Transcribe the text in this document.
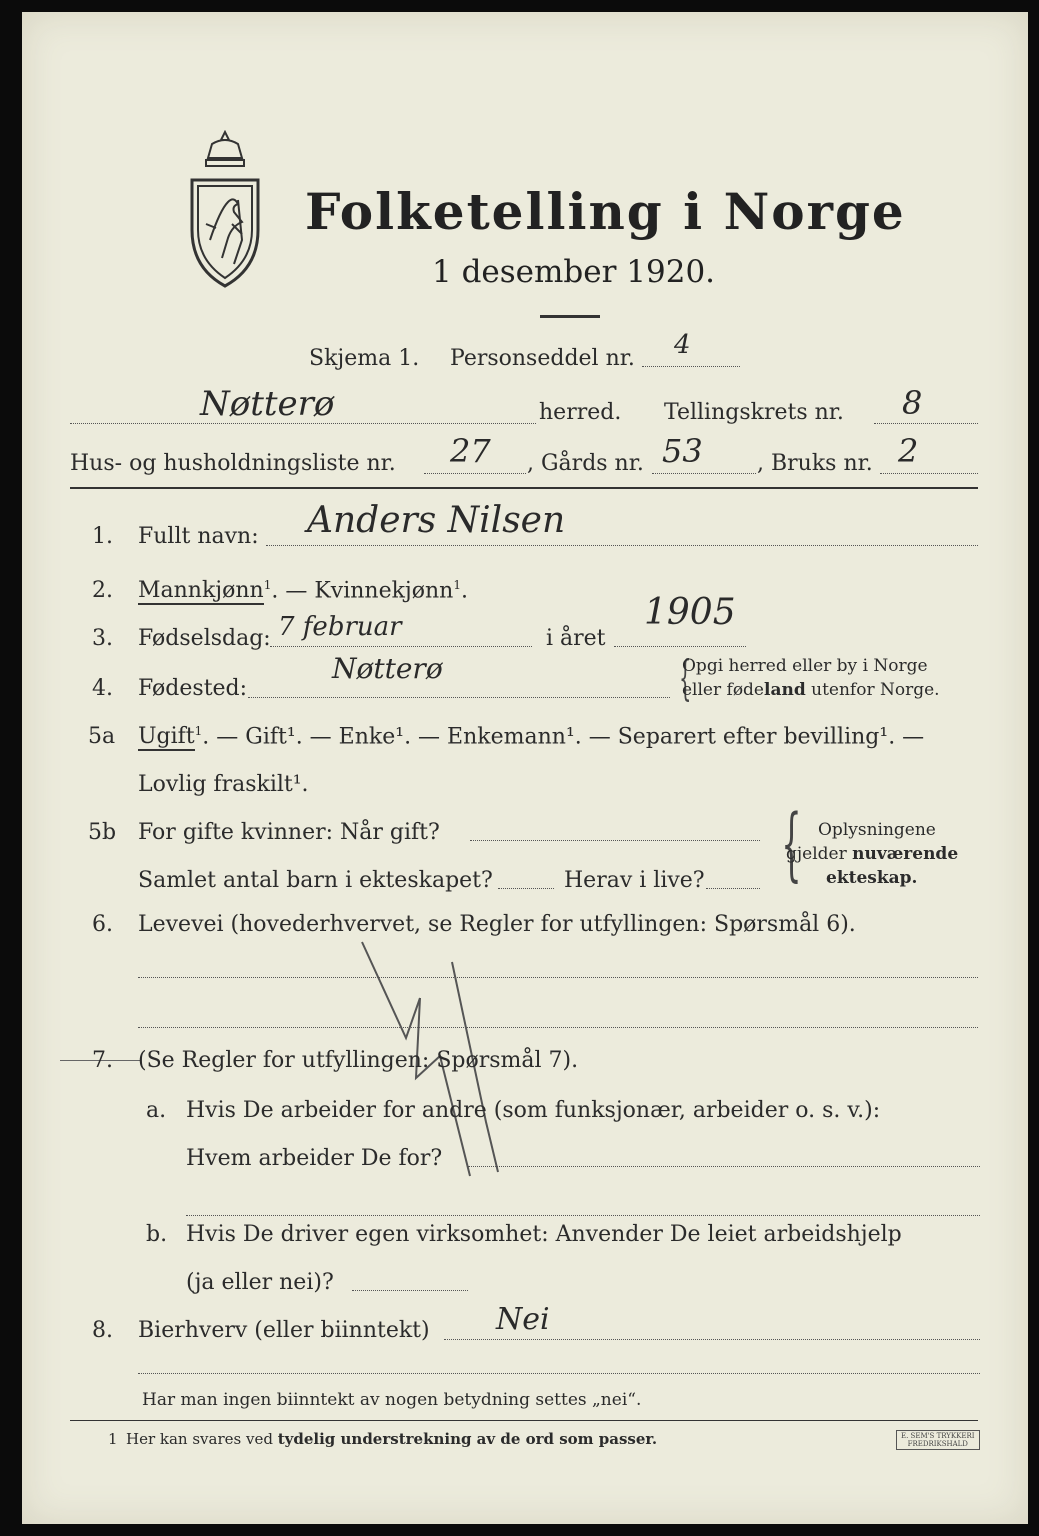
Folketelling i Norge
1 desember 1920.
Skjema 1. Personseddel nr. 4
Nøtterø	herred. Tellingskrets nr. 8
Hus- og husholdningsliste nr. 27 , Gårds nr. 53 , Bruks nr. 2
1. Fullt navn: Anders Nilsen
2. Mannkjønn$^1$. — Kvinnekjønn$^1$.
3. Fødselsdag: 7 februar	i året
1905
4. Fødested:
Nøtterø	{
Opgi herred eller by i Norge
eller fødeland utenfor Norge.
5a Ugift$^1$. — Gift¹. — Enke¹. — Enkemann¹. — Separert efter bevilling¹. —
Lovlig fraskilt¹.
5b For gifte kvinner: Når gift?
Samlet antal barn i ekteskapet?	Herav i live? { Oplysningene
gjelder nuværende
ekteskap.
6. Levevei (hovederhvervet, se Regler for utfyllingen: Spørsmål 6).
7. (Se Regler for utfyllingen: Spørsmål 7).
a. Hvis De arbeider for andre (som funksjonær, arbeider o. s. v.):
Hvem arbeider De for?
b. Hvis De driver egen virksomhet: Anvender De leiet arbeidshjelp
(ja eller nei)?
8. Bierhverv (eller biinntekt) Nei
Har man ingen biinntekt av nogen betydning settes „nei“.
1 Her kan svares ved tydelig understrekning av de ord som passer.	E. SEM'S TRYKKERI
FREDRIKSHALD
